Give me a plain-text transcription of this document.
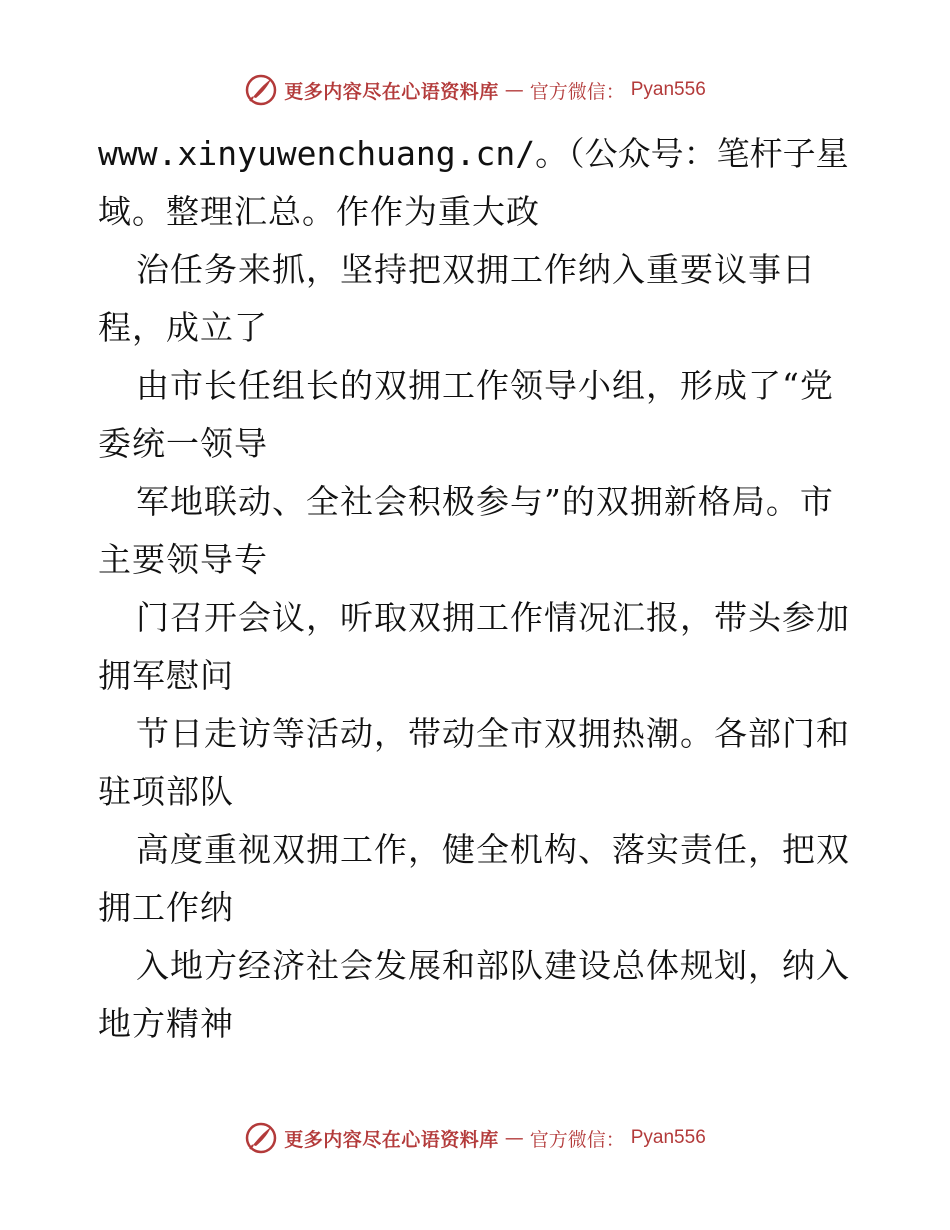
更多内容尽在心语资料库 — 官方微信： Pyan556
www.xinyuwenchuang.cn/。（公众号：笔杆子星
域。整理汇总。作作为重大政
治任务来抓，坚持把双拥工作纳入重要议事日
程，成立了
由市长任组长的双拥工作领导小组，形成了“党
委统一领导
军地联动、全社会积极参与”的双拥新格局。市
主要领导专
门召开会议，听取双拥工作情况汇报，带头参加
拥军慰问
节日走访等活动，带动全市双拥热潮。各部门和
驻项部队
高度重视双拥工作，健全机构、落实责任，把双
拥工作纳
入地方经济社会发展和部队建设总体规划，纳入
地方精神
更多内容尽在心语资料库 — 官方微信： Pyan556
